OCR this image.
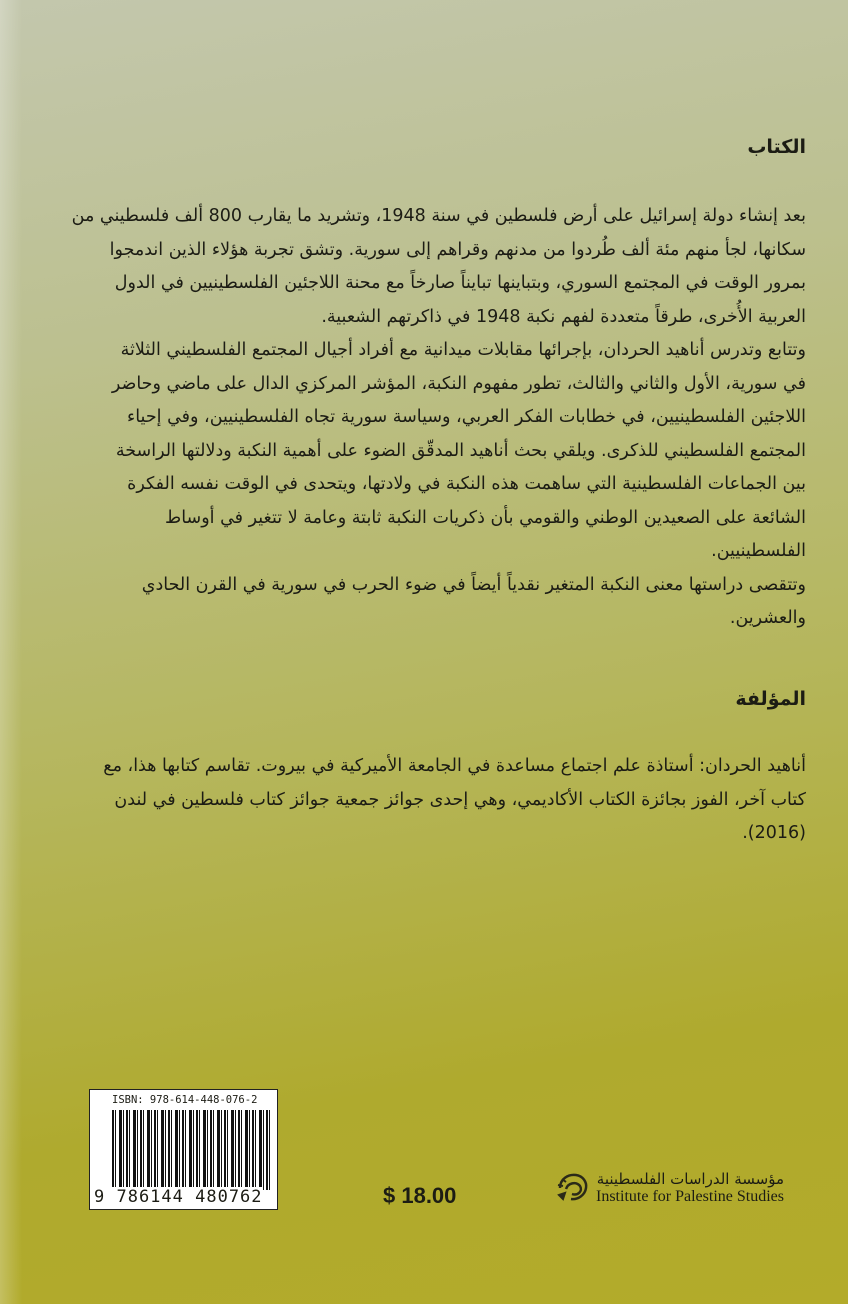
الكتاب
بعد إنشاء دولة إسرائيل على أرض فلسطين في سنة 1948، وتشريد ما يقارب 800 ألف فلسطيني من
سكانها، لجأ منهم مئة ألف طُردوا من مدنهم وقراهم إلى سورية. وتشق تجربة هؤلاء الذين اندمجوا
بمرور الوقت في المجتمع السوري، وبتباينها تبايناً صارخاً مع محنة اللاجئين الفلسطينيين في الدول
العربية الأُخرى، طرقاً متعددة لفهم نكبة 1948 في ذاكرتهم الشعبية.
وتتابع وتدرس أناهيد الحردان، بإجرائها مقابلات ميدانية مع أفراد أجيال المجتمع الفلسطيني الثلاثة
في سورية، الأول والثاني والثالث، تطور مفهوم النكبة، المؤشر المركزي الدال على ماضي وحاضر
اللاجئين الفلسطينيين، في خطابات الفكر العربي، وسياسة سورية تجاه الفلسطينيين، وفي إحياء
المجتمع الفلسطيني للذكرى. ويلقي بحث أناهيد المدقّق الضوء على أهمية النكبة ودلالتها الراسخة
بين الجماعات الفلسطينية التي ساهمت هذه النكبة في ولادتها، ويتحدى في الوقت نفسه الفكرة
الشائعة على الصعيدين الوطني والقومي بأن ذكريات النكبة ثابتة وعامة لا تتغير في أوساط
الفلسطينيين.
وتتقصى دراستها معنى النكبة المتغير نقدياً أيضاً في ضوء الحرب في سورية في القرن الحادي
والعشرين.
المؤلفة
أناهيد الحردان: أستاذة علم اجتماع مساعدة في الجامعة الأميركية في بيروت. تقاسم كتابها هذا، مع
كتاب آخر، الفوز بجائزة الكتاب الأكاديمي، وهي إحدى جوائز جمعية جوائز كتاب فلسطين في لندن
(2016).
ISBN: 978-614-448-076-2
9 786144 480762	$ 18.00
مؤسسة الدراسات الفلسطينية
Institute for Palestine Studies
